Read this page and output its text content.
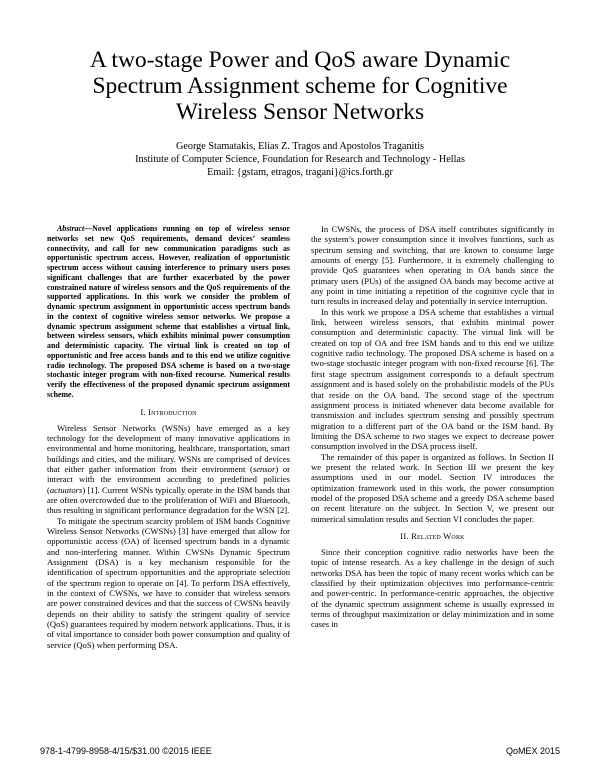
A two-stage Power and QoS aware Dynamic
Spectrum Assignment scheme for Cognitive
Wireless Sensor Networks
George Stamatakis, Elias Z. Tragos and Apostolos Traganitis
Institute of Computer Science, Foundation for Research and Technology - Hellas
Email: {gstam, etragos, tragani}@ics.forth.gr

Abstract—Novel applications running on top of wireless sensor networks set new QoS requirements, demand devices’ seamless connectivity, and call for new communication paradigms such as opportunistic spectrum access. However, realization of opportunistic spectrum access without causing interference to primary users poses significant challenges that are further exacerbated by the power constrained nature of wireless sensors and the QoS requirements of the supported applications. In this work we consider the problem of dynamic spectrum assignment in opportunistic access spectrum bands in the context of cognitive wireless sensor networks. We propose a dynamic spectrum assignment scheme that establishes a virtual link, between wireless sensors, which exhibits minimal power consumption and deterministic capacity. The virtual link is created on top of opportunistic and free access bands and to this end we utilize cognitive radio technology. The proposed DSA scheme is based on a two-stage stochastic integer program with non-fixed recourse. Numerical results verify the effectiveness of the proposed dynamic spectrum assignment scheme.

I. Introduction

Wireless Sensor Networks (WSNs) have emerged as a key technology for the development of many innovative applications in environmental and home monitoring, healthcare, transportation, smart buildings and cities, and the military. WSNs are comprised of devices that either gather information from their environment (sensor) or interact with the environment according to predefined policies (actuators) [1]. Current WSNs typically operate in the ISM bands that are often overcrowded due to the proliferation of WiFi and Bluetooth, thus resulting in significant performance degradation for the WSN [2].

To mitigate the spectrum scarcity problem of ISM bands Cognitive Wireless Sensor Networks (CWSNs) [3] have emerged that allow for opportunistic access (OA) of licensed spectrum bands in a dynamic and non-interfering manner. Within CWSNs Dynamic Spectrum Assignment (DSA) is a key mechanism responsible for the identification of spectrum opportunities and the appropriate selection of the spectrum region to operate on [4]. To perform DSA effectively, in the context of CWSNs, we have to consider that wireless sensors are power constrained devices and that the success of CWSNs heavily depends on their ability to satisfy the stringent quality of service (QoS) guarantees required by modern network applications. Thus, it is of vital importance to consider both power consumption and quality of service (QoS) when performing DSA.

In CWSNs, the process of DSA itself contributes significantly in the system’s power consumption since it involves functions, such as spectrum sensing and switching, that are known to consume large amounts of energy [5]. Furthermore, it is extremely challenging to provide QoS guarantees when operating in OA bands since the primary users (PUs) of the assigned OA bands may become active at any point in time initiating a repetition of the cognitive cycle that in turn results in increased delay and potentially in service interruption.

In this work we propose a DSA scheme that establishes a virtual link, between wireless sensors, that exhibits minimal power consumption and deterministic capacity. The virtual link will be created on top of OA and free ISM bands and to this end we utilize cognitive radio technology. The proposed DSA scheme is based on a two-stage stochastic integer program with non-fixed recourse [6]. The first stage spectrum assignment corresponds to a default spectrum assignment and is based solely on the probabilistic models of the PUs that reside on the OA band. The second stage of the spectrum assignment process is initiated whenever data become available for transmission and includes spectrum sensing and possibly spectrum migration to a different part of the OA band or the ISM band. By limiting the DSA scheme to two stages we expect to decrease power consumption involved in the DSA process itself.

The remainder of this paper is organized as follows. In Section II we present the related work. In Section III we present the key assumptions used in our model. Section IV introduces the optimization framework used in this work, the power consumption model of the proposed DSA scheme and a greedy DSA scheme based on recent literature on the subject. In Section V, we present our numerical simulation results and Section VI concludes the paper.

II. Related Work

Since their conception cognitive radio networks have been the topic of intense research. As a key challenge in the design of such networks DSA has been the topic of many recent works which can be classified by their optimization objectives into performance-centric and power-centric. In performance-centric approaches, the objective of the dynamic spectrum assignment scheme is usually expressed in terms of throughput maximization or delay minimization and in some cases in

978-1-4799-8958-4/15/$31.00 ©2015 IEEE	QoMEX 2015
